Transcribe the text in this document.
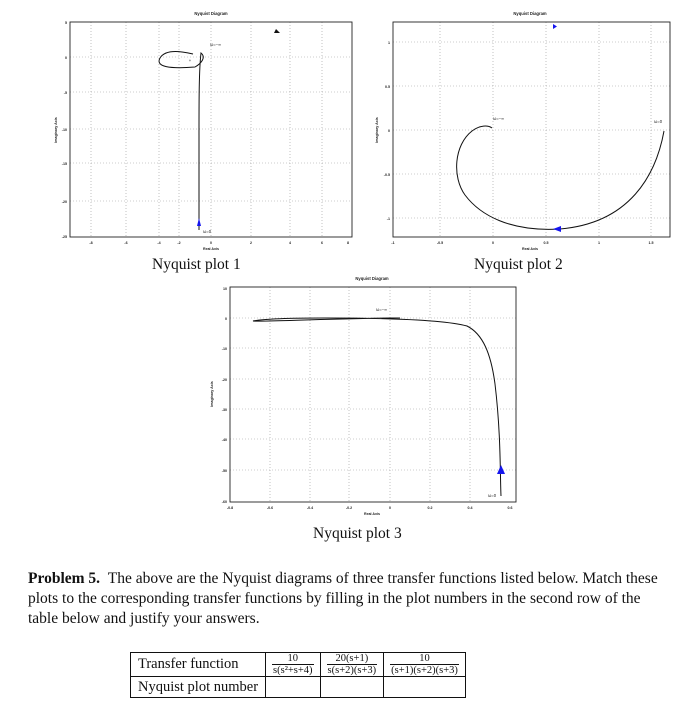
Nyquist Diagram
-8	-6	-4	-2	0	2	4	6	8
5
0
-5
-10
-15
-20
-25
Real Axis
Imaginary Axis
+
ω=−∞
ω=0
Nyquist plot 1
Nyquist Diagram
-1	-0.5	0	0.5	1	1.5
1
0.5
0
-0.5
-1
Real Axis
Imaginary Axis	ω=−∞
ω=0
Nyquist plot 2
Nyquist Diagram
-0.8	-0.6	-0.4	-0.2	0	0.2	0.4	0.6
10
0
-10
-20
-30
-40
-50
-60
Real Axis
Imaginary Axis
ω=−∞
ω=0
Nyquist plot 3
Problem 5. The above are the Nyquist diagrams of three transfer functions listed below. Match these plots to the corresponding transfer functions by filling in the plot numbers in the second row of the table below and justify your answers.
Transfer function	$\frac{10}{\text{s(s²+s+4)}}$	$\frac{20(s+1)}{s(s+2)(s+3)}$	$\frac{10}{(s+1)(s+2)(s+3)}$

Nyquist plot number			
